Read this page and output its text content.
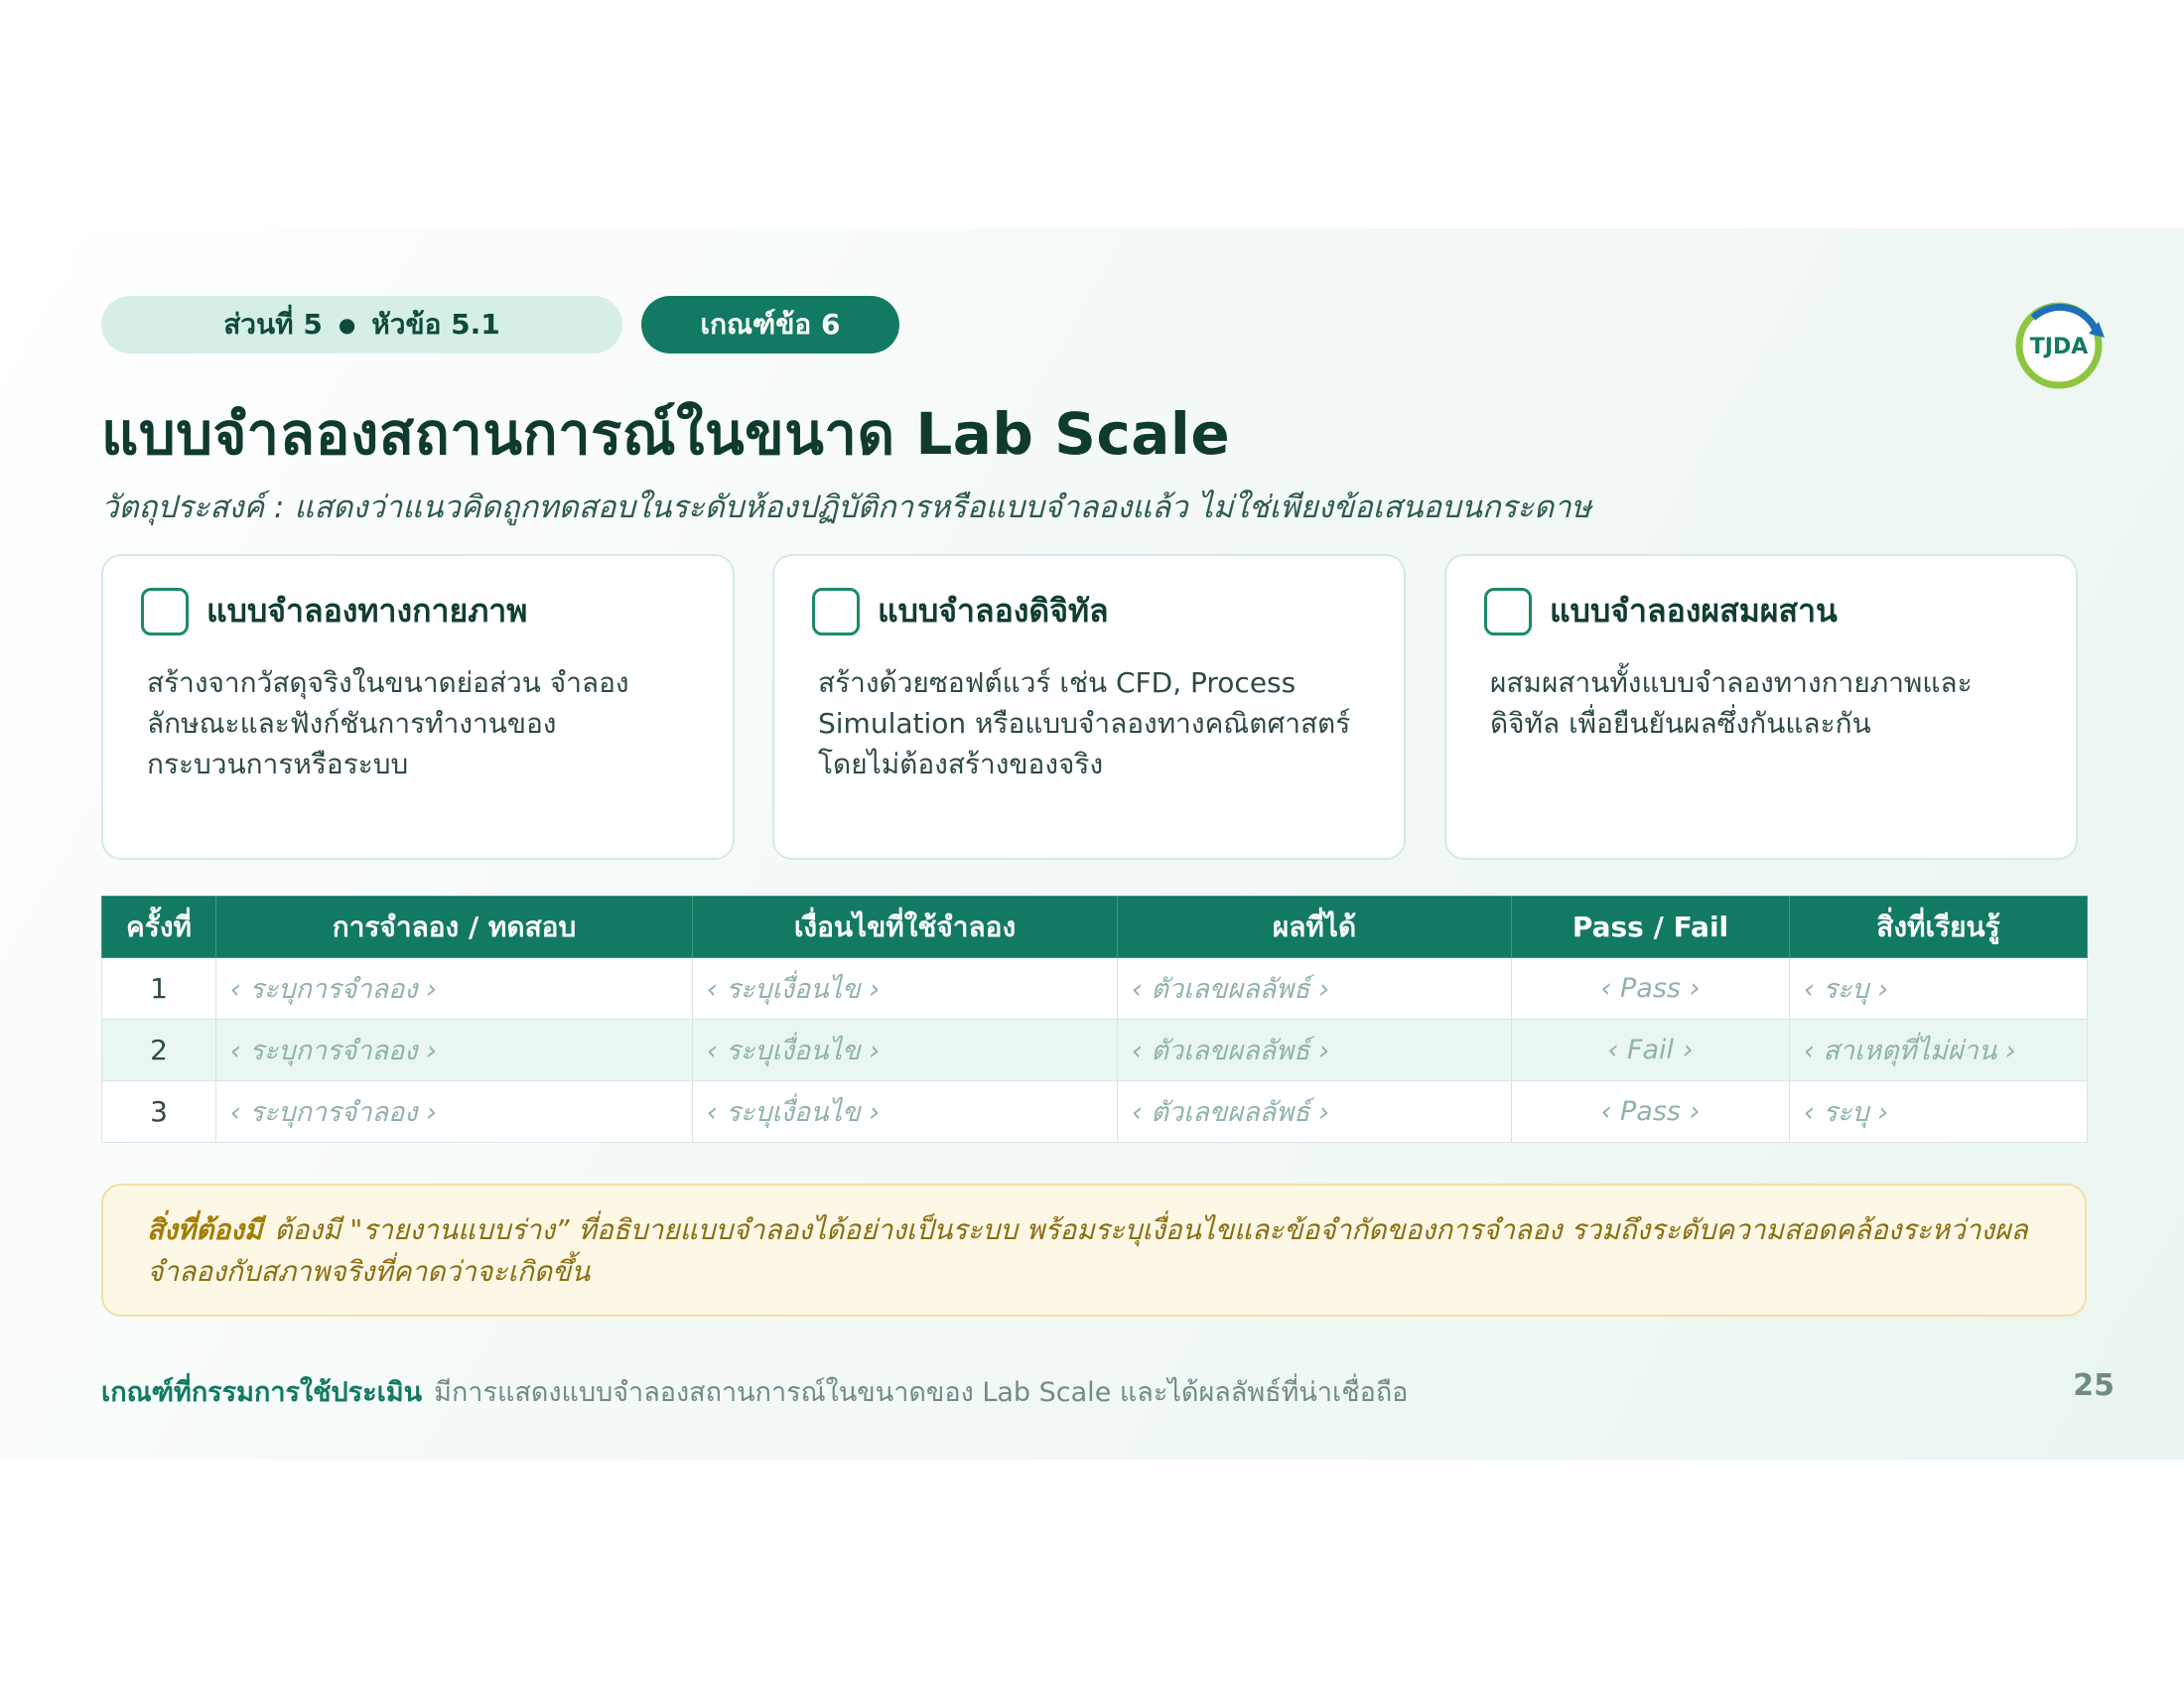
ส่วนที่ 5 ● หัวข้อ 5.1	เกณฑ์ข้อ 6
TJDA
แบบจำลองสถานการณ์ในขนาด Lab Scale
วัตถุประสงค์ : แสดงว่าแนวคิดถูกทดสอบในระดับห้องปฏิบัติการหรือแบบจำลองแล้ว ไม่ใช่เพียงข้อเสนอบนกระดาษ
แบบจำลองทางกายภาพ
สร้างจากวัสดุจริงในขนาดย่อส่วน จำลองลักษณะและฟังก์ชันการทำงานของกระบวนการหรือระบบ
แบบจำลองดิจิทัล
สร้างด้วยซอฟต์แวร์ เช่น CFD, Process Simulation หรือแบบจำลองทางคณิตศาสตร์ โดยไม่ต้องสร้างของจริง
แบบจำลองผสมผสาน
ผสมผสานทั้งแบบจำลองทางกายภาพและดิจิทัล เพื่อยืนยันผลซึ่งกันและกัน
ครั้งที่	การจำลอง / ทดสอบ	เงื่อนไขที่ใช้จำลอง	ผลที่ได้	Pass / Fail	สิ่งที่เรียนรู้
1	‹ ระบุการจำลอง ›	‹ ระบุเงื่อนไข ›	‹ ตัวเลขผลลัพธ์ ›	‹ Pass ›	‹ ระบุ ›
2	‹ ระบุการจำลอง ›	‹ ระบุเงื่อนไข ›	‹ ตัวเลขผลลัพธ์ ›	‹ Fail ›	‹ สาเหตุที่ไม่ผ่าน ›
3	‹ ระบุการจำลอง ›	‹ ระบุเงื่อนไข ›	‹ ตัวเลขผลลัพธ์ ›	‹ Pass ›	‹ ระบุ ›
สิ่งที่ต้องมี ต้องมี "รายงานแบบร่าง” ที่อธิบายแบบจำลองได้อย่างเป็นระบบ พร้อมระบุเงื่อนไขและข้อจำกัดของการจำลอง รวมถึงระดับความสอดคล้องระหว่างผลจำลองกับสภาพจริงที่คาดว่าจะเกิดขึ้น
เกณฑ์ที่กรรมการใช้ประเมิน มีการแสดงแบบจำลองสถานการณ์ในขนาดของ Lab Scale และได้ผลลัพธ์ที่น่าเชื่อถือ	25
